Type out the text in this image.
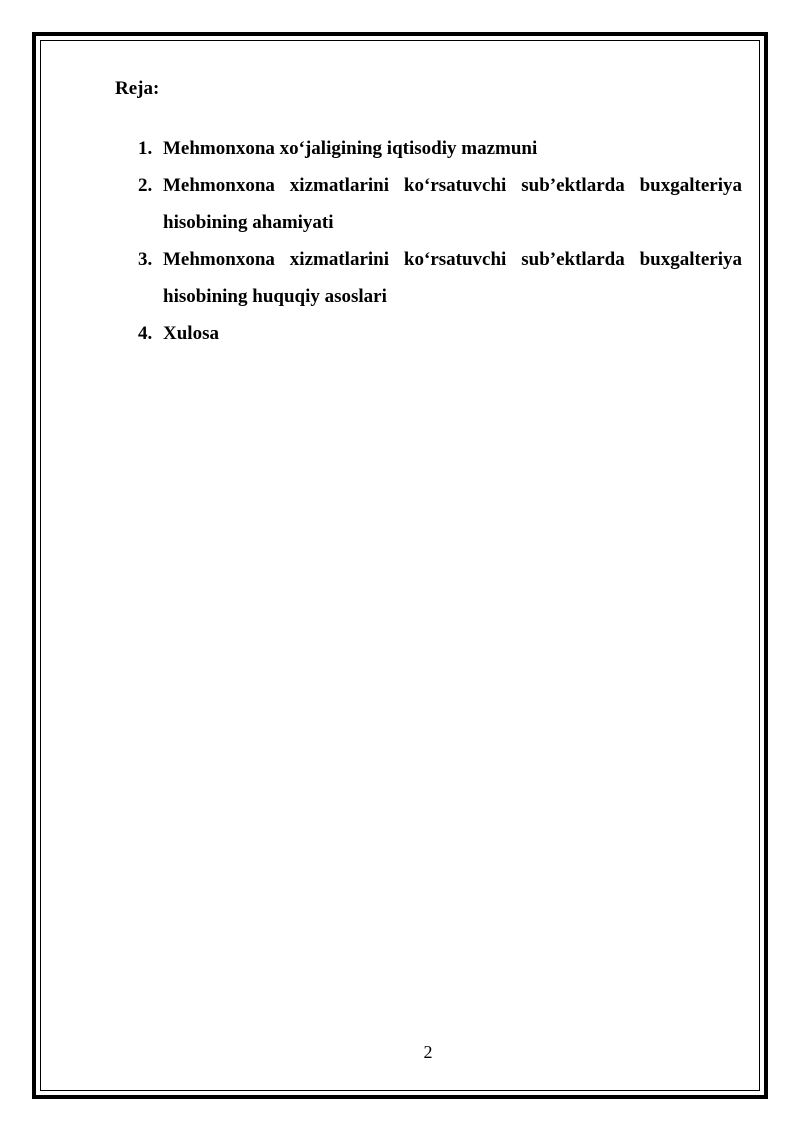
Reja:

1. Mehmonxona xo‘jaligining iqtisodiy mazmuni
2. Mehmonxona xizmatlarini ko‘rsatuvchi sub’ektlarda buxgalteriya hisobining ahamiyati
3. Mehmonxona xizmatlarini ko‘rsatuvchi sub’ektlarda buxgalteriya hisobining huquqiy asoslari
4. Xulosa
2
